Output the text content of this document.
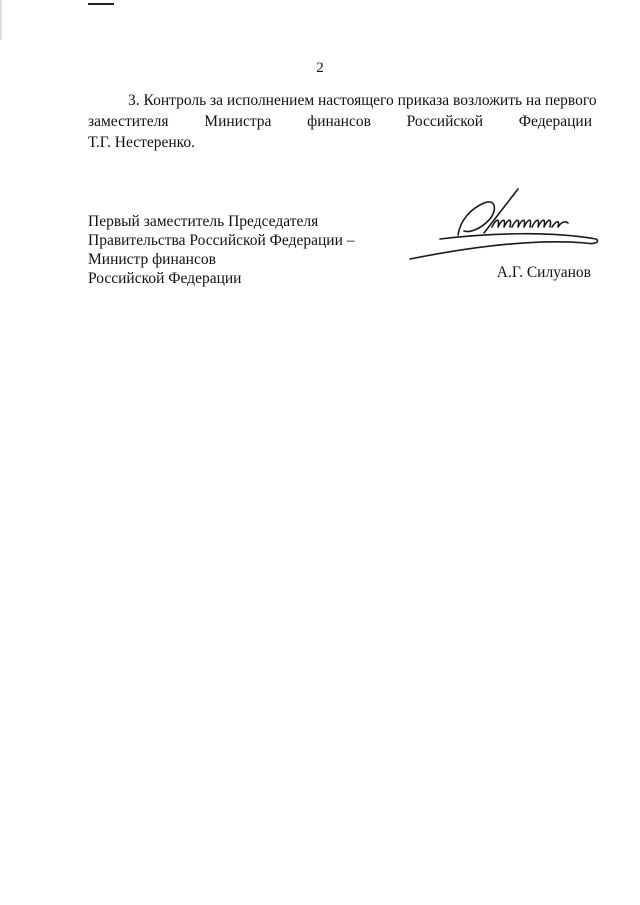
2
3. Контроль за исполнением настоящего приказа возложить на первого
заместителя Министра финансов Российской Федерации
Т.Г. Нестеренко.
Первый заместитель Председателя
Правительства Российской Федерации –
Министр финансов
Российской Федерации	А.Г. Силуанов
